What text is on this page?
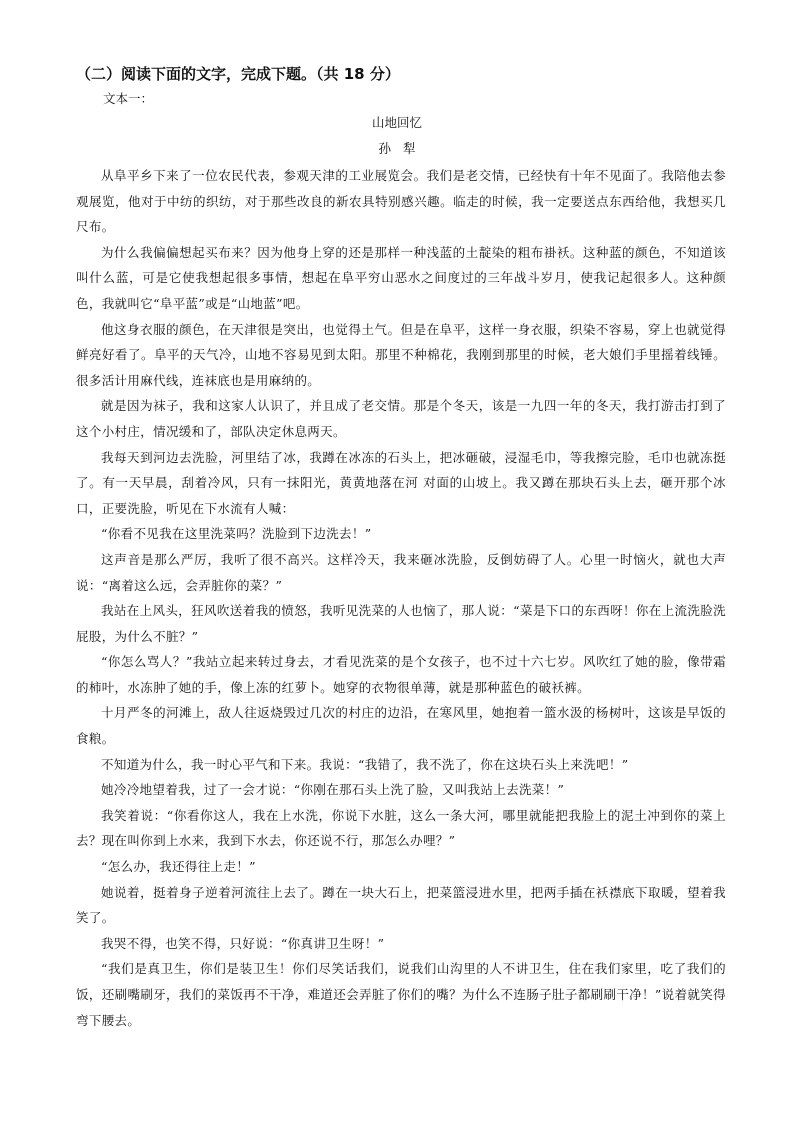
（二）阅读下面的文字，完成下题。（共 18 分）
文本一：
山地回忆
孙犁

从阜平乡下来了一位农民代表，参观天津的工业展览会。我们是老交情，已经快有十年不见面了。我陪他去参观展览，他对于中纺的织纺，对于那些改良的新农具特别感兴趣。临走的时候，我一定要送点东西给他，我想买几尺布。

为什么我偏偏想起买布来？因为他身上穿的还是那样一种浅蓝的土靛染的粗布褂袄。这种蓝的颜色，不知道该叫什么蓝，可是它使我想起很多事情，想起在阜平穷山恶水之间度过的三年战斗岁月，使我记起很多人。这种颜色，我就叫它“阜平蓝”或是“山地蓝”吧。

他这身衣服的颜色，在天津很是突出，也觉得土气。但是在阜平，这样一身衣服，织染不容易，穿上也就觉得鲜亮好看了。阜平的天气冷，山地不容易见到太阳。那里不种棉花，我刚到那里的时候，老大娘们手里摇着线锤。很多活计用麻代线，连袜底也是用麻纳的。

就是因为袜子，我和这家人认识了，并且成了老交情。那是个冬天，该是一九四一年的冬天，我打游击打到了这个小村庄，情况缓和了，部队决定休息两天。

我每天到河边去洗脸，河里结了冰，我蹲在冰冻的石头上，把冰砸破，浸湿毛巾，等我擦完脸，毛巾也就冻挺了。有一天早晨，刮着冷风，只有一抹阳光，黄黄地落在河 对面的山坡上。我又蹲在那块石头上去，砸开那个冰口，正要洗脸，听见在下水流有人喊：

“你看不见我在这里洗菜吗？洗脸到下边洗去！”

这声音是那么严厉，我听了很不高兴。这样冷天，我来砸冰洗脸，反倒妨碍了人。心里一时恼火，就也大声说：“离着这么远，会弄脏你的菜？”

我站在上风头，狂风吹送着我的愤怒，我听见洗菜的人也恼了，那人说：“菜是下口的东西呀！你在上流洗脸洗屁股，为什么不脏？”

“你怎么骂人？”我站立起来转过身去，才看见洗菜的是个女孩子，也不过十六七岁。风吹红了她的脸，像带霜的柿叶，水冻肿了她的手，像上冻的红萝卜。她穿的衣物很单薄，就是那种蓝色的破袄裤。

十月严冬的河滩上，敌人往返烧毁过几次的村庄的边沿，在寒风里，她抱着一篮水汲的杨树叶，这该是早饭的食粮。

不知道为什么，我一时心平气和下来。我说：“我错了，我不洗了，你在这块石头上来洗吧！”

她冷冷地望着我，过了一会才说：“你刚在那石头上洗了脸，又叫我站上去洗菜！”

我笑着说：“你看你这人，我在上水洗，你说下水脏，这么一条大河，哪里就能把我脸上的泥土冲到你的菜上去？现在叫你到上水来，我到下水去，你还说不行，那怎么办哩？”

“怎么办，我还得往上走！”

她说着，挺着身子逆着河流往上去了。蹲在一块大石上，把菜篮浸进水里，把两手插在袄襟底下取暖，望着我笑了。

我哭不得，也笑不得，只好说：“你真讲卫生呀！”

“我们是真卫生，你们是装卫生！你们尽笑话我们，说我们山沟里的人不讲卫生，住在我们家里，吃了我们的饭，还刷嘴刷牙，我们的菜饭再不干净，难道还会弄脏了你们的嘴？为什么不连肠子肚子都刷刷干净！”说着就笑得弯下腰去。
